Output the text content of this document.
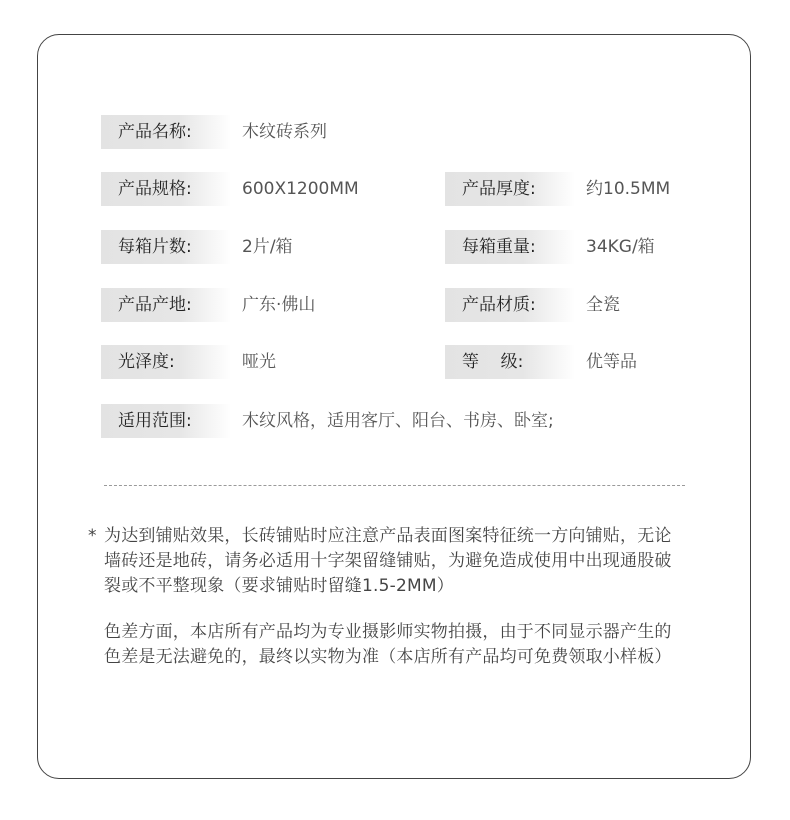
产品名称:	木纹砖系列
产品规格:	600X1200MM	产品厚度:	约10.5MM
每箱片数:	2片/箱	每箱重量:	34KG/箱
产品产地:	广东·佛山	产品材质:	全瓷
光泽度:	哑光	等    级:	优等品
适用范围:	木纹风格，适用客厅、阳台、书房、卧室;
* 为达到铺贴效果，长砖铺贴时应注意产品表面图案特征统一方向铺贴，无论墙砖还是地砖，请务必适用十字架留缝铺贴，为避免造成使用中出现通股破裂或不平整现象（要求铺贴时留缝1.5-2MM）
色差方面，本店所有产品均为专业摄影师实物拍摄，由于不同显示器产生的色差是无法避免的，最终以实物为准（本店所有产品均可免费领取小样板）
